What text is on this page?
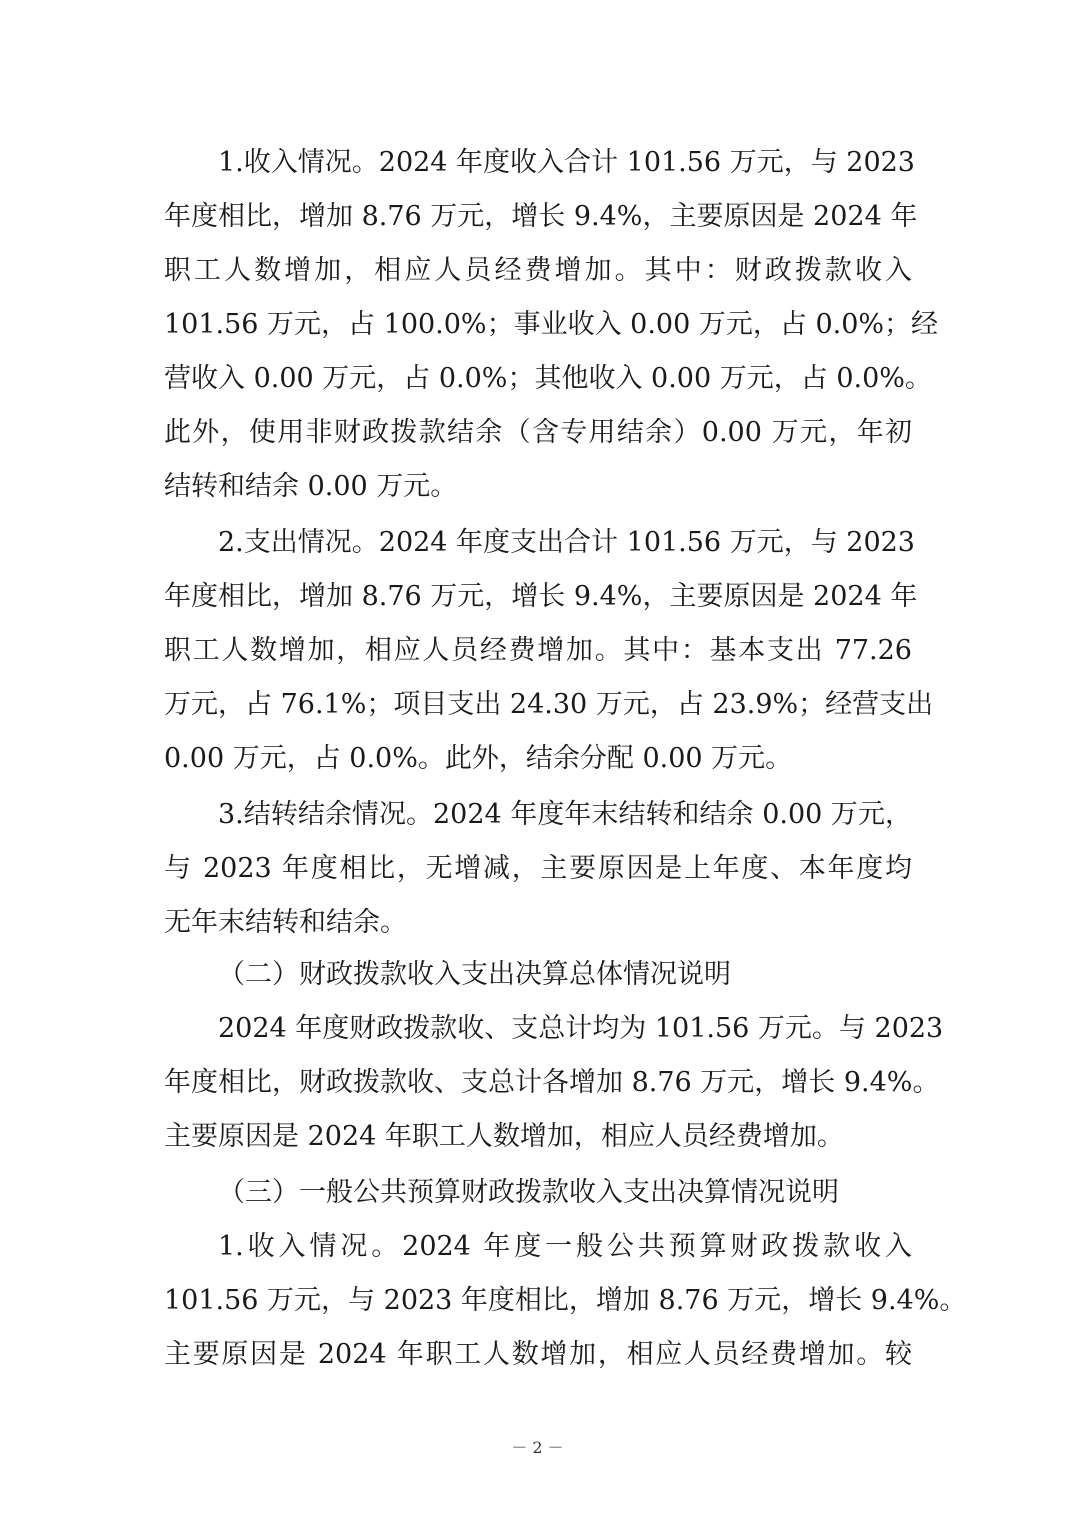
1.收入情况。2024 年度收入合计 101.56 万元，与 2023
年度相比，增加 8.76 万元，增长 9.4%，主要原因是 2024 年
职工人数增加，相应人员经费增加。其中：财政拨款收入
101.56 万元，占 100.0%；事业收入 0.00 万元，占 0.0%；经
营收入 0.00 万元，占 0.0%；其他收入 0.00 万元，占 0.0%。
此外，使用非财政拨款结余（含专用结余）0.00 万元，年初
结转和结余 0.00 万元。
2.支出情况。2024 年度支出合计 101.56 万元，与 2023
年度相比，增加 8.76 万元，增长 9.4%，主要原因是 2024 年
职工人数增加，相应人员经费增加。其中：基本支出 77.26
万元，占 76.1%；项目支出 24.30 万元，占 23.9%；经营支出
0.00 万元，占 0.0%。此外，结余分配 0.00 万元。
3.结转结余情况。2024 年度年末结转和结余 0.00 万元，
与 2023 年度相比，无增减，主要原因是上年度、本年度均
无年末结转和结余。
（二）财政拨款收入支出决算总体情况说明
2024 年度财政拨款收、支总计均为 101.56 万元。与 2023
年度相比，财政拨款收、支总计各增加 8.76 万元，增长 9.4%。
主要原因是 2024 年职工人数增加，相应人员经费增加。
（三）一般公共预算财政拨款收入支出决算情况说明
1.收入情况。2024 年度一般公共预算财政拨款收入
101.56 万元，与 2023 年度相比，增加 8.76 万元，增长 9.4%。
主要原因是 2024 年职工人数增加，相应人员经费增加。较
－ 2 －
